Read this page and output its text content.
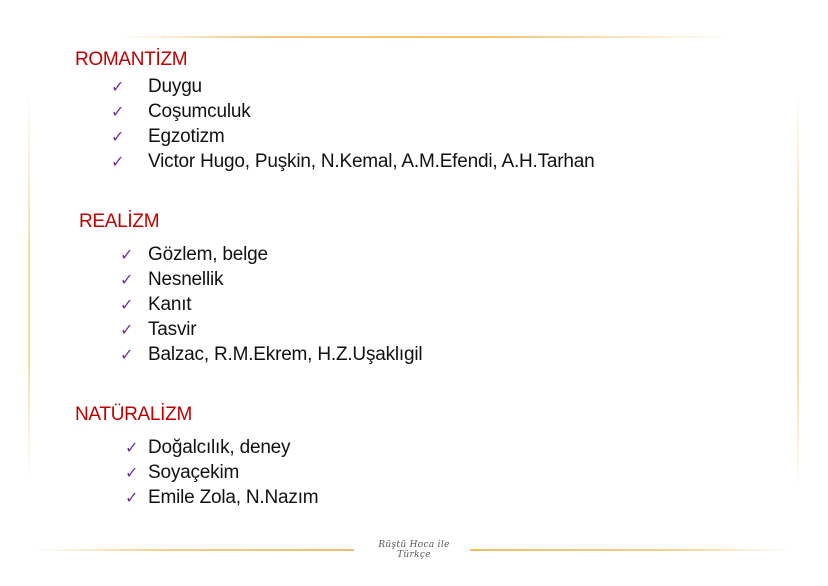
ROMANTİZM
✓ Duygu
✓ Coşumculuk
✓ Egzotizm
✓ Victor Hugo, Puşkin, N.Kemal, A.M.Efendi, A.H.Tarhan
REALİZM
✓ Gözlem, belge
✓ Nesnellik
✓ Kanıt
✓ Tasvir
✓ Balzac, R.M.Ekrem, H.Z.Uşaklıgil
NATÜRALİZM
✓ Doğalcılık, deney
✓ Soyaçekim
✓ Emile Zola, N.Nazım
Rüştü Hoca ile Türkçe
